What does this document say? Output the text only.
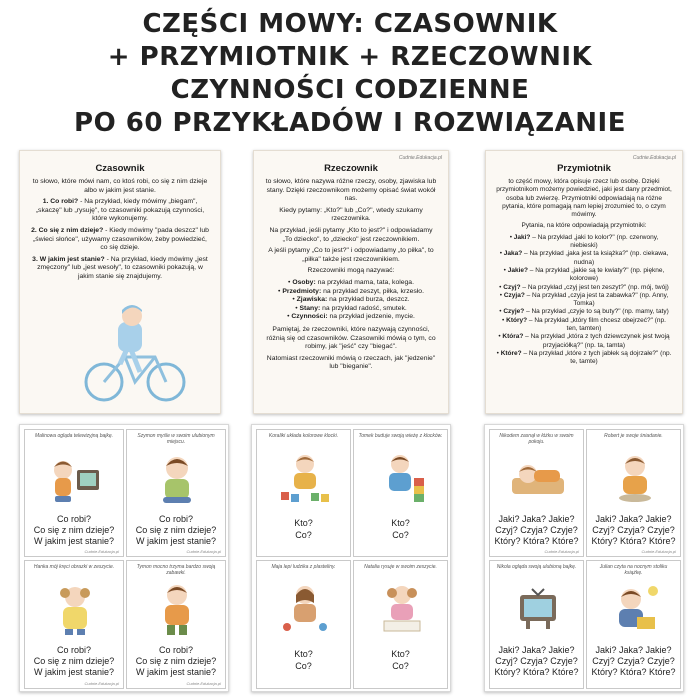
CZĘŚCI MOWY: CZASOWNIK
+ PRZYMIOTNIK + RZECZOWNIK
CZYNNOŚCI CODZIENNE
PO 60 PRZYKŁADÓW I ROZWIĄZANIE
Czasownik

to słowo, które mówi nam, co ktoś robi, co się z nim dzieje albo w jakim jest stanie.

1. Co robi? - Na przykład, kiedy mówimy „biegam", „skaczę" lub „rysuję", to czasowniki pokazują czynności, które wykonujemy.

2. Co się z nim dzieje? - Kiedy mówimy "pada deszcz" lub „świeci słońce", używamy czasowników, żeby powiedzieć, co się dzieje.

3. W jakim jest stanie? - Na przykład, kiedy mówimy „jest zmęczony" lub „jest wesoły", to czasowniki pokazują, w jakim stanie się znajdujemy.

Cudnie.Edukacja.pl
Rzeczownik

to słowo, które nazywa różne rzeczy, osoby, zjawiska lub stany. Dzięki rzeczownikom możemy opisać świat wokół nas.

Kiedy pytamy: „Kto?" lub „Co?", wtedy szukamy rzeczownika.

Na przykład, jeśli pytamy „Kto to jest?" i odpowiadamy „To dziecko", to „dziecko" jest rzeczownikiem.

A jeśli pytamy „Co to jest?" i odpowiadamy „to piłka", to „piłka" także jest rzeczownikiem.

Rzeczowniki mogą nazywać:

• Osoby: na przykład mama, tata, kolega.
• Przedmioty: na przykład zeszyt, piłka, krzesło.
• Zjawiska: na przykład burza, deszcz.
• Stany: na przykład radość, smutek.
• Czynności: na przykład jedzenie, mycie.

Pamiętaj, że rzeczowniki, które nazywają czynności, różnią się od czasowników. Czasowniki mówią o tym, co robimy, jak "jeść" czy "biegać".

Natomiast rzeczowniki mówią o rzeczach, jak "jedzenie" lub "bieganie".

Cudnie.Edukacja.pl
Przymiotnik

to część mowy, która opisuje rzecz lub osobę. Dzięki przymiotnikom możemy powiedzieć, jaki jest dany przedmiot, osoba lub zwierzę. Przymiotniki odpowiadają na różne pytania, które pomagają nam lepiej zrozumieć to, o czym mówimy.

Pytania, na które odpowiadają przymiotniki:

• Jaki? – Na przykład „jaki to kolor?" (np. czerwony, niebieski)
• Jaka? – Na przykład „jaka jest ta książka?" (np. ciekawa, nudna)
• Jakie? – Na przykład „jakie są te kwiaty?" (np. piękne, kolorowe)
• Czyj? – Na przykład „czyj jest ten zeszyt?" (np. mój, twój)
• Czyja? – Na przykład „czyja jest ta zabawka?" (np. Anny, Tomka)
• Czyje? – Na przykład „czyje to są buty?" (np. mamy, taty)
• Który? – Na przykład „który film chcesz obejrzeć?" (np. ten, tamten)
• Która? – Na przykład „która z tych dziewczynek jest twoją przyjaciółką?" (np. ta, tamta)
• Które? – Na przykład „które z tych jabłek są dojrzałe?" (np. te, tamte)
Malinowa ogląda telewizyjną bajkę.
Co robi?
Co się z nim dzieje?
W jakim jest stanie?
Cudnie.Edukacja.pl
Szymon myśle w swoim ulubionym miejscu.
Co robi?
Co się z nim dzieje?
W jakim jest stanie?
Cudnie.Edukacja.pl
Hanka mój kręci obrazki w zeszycie.
Co robi?
Co się z nim dzieje?
W jakim jest stanie?
Cudnie.Edukacja.pl
Tymon mocno trzyma bardzo swoją zabawki.
Co robi?
Co się z nim dzieje?
W jakim jest stanie?
Cudnie.Edukacja.pl
Koraliki układa kolorowe klocki.
Kto?
Co?
Tomek buduje swoją wieżę z klocków.
Kto?
Co?
Maja lepi ludzika z plasteliny.
Kto?
Co?
Natalia rysuje w swoim zeszycie.
Kto?
Co?
Nikodem zasnął w łóżku w swoim pokoju.
Jaki? Jaka? Jakie?
Czyj? Czyja? Czyje?
Który? Która? Które?
Cudnie.Edukacja.pl
Robert je swoje śniadanie.
Jaki? Jaka? Jakie?
Czyj? Czyja? Czyje?
Który? Która? Które?
Cudnie.Edukacja.pl
Nikola ogląda swoją ulubioną bajkę.
Jaki? Jaka? Jakie?
Czyj? Czyja? Czyje?
Który? Która? Które?
Julian czyta na nocnym stoliku książkę.
Jaki? Jaka? Jakie?
Czyj? Czyja? Czyje?
Który? Która? Które?
